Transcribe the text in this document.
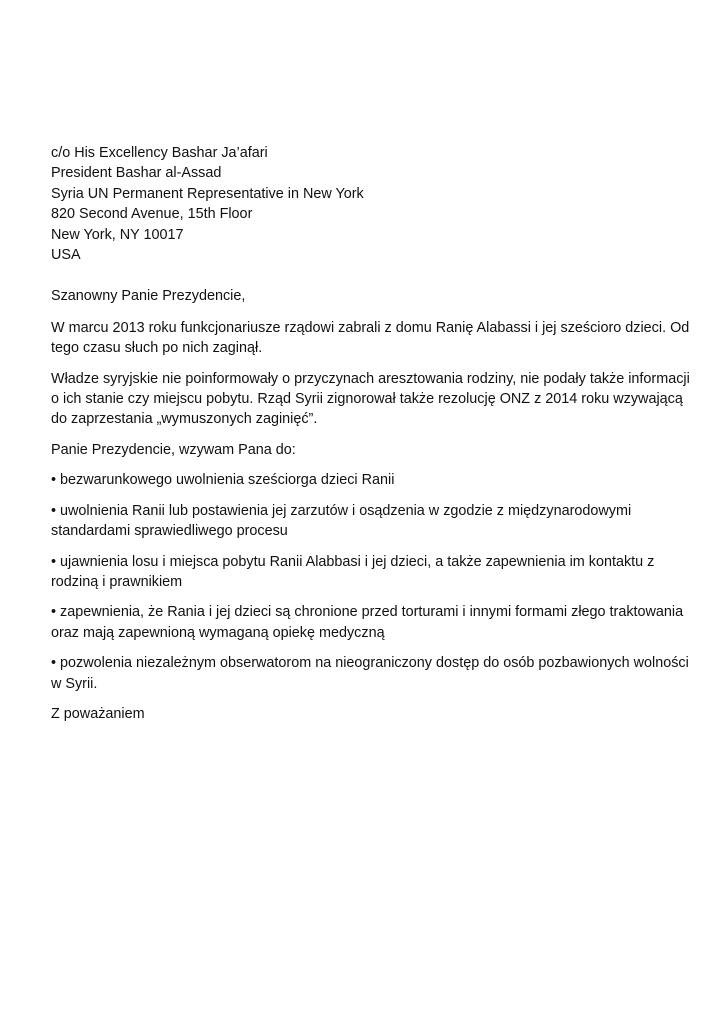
c/o His Excellency Bashar Ja’afari
President Bashar al-Assad
Syria UN Permanent Representative in New York
820 Second Avenue, 15th Floor
New York, NY 10017
USA

Szanowny Panie Prezydencie,

W marcu 2013 roku funkcjonariusze rządowi zabrali z domu Ranię Alabassi i jej sześcioro dzieci. Od tego czasu słuch po nich zaginął.

Władze syryjskie nie poinformowały o przyczynach aresztowania rodziny, nie podały także informacji o ich stanie czy miejscu pobytu. Rząd Syrii zignorował także rezolucję ONZ z 2014 roku wzywającą do zaprzestania „wymuszonych zaginięć”.

Panie Prezydencie, wzywam Pana do:

• bezwarunkowego uwolnienia sześciorga dzieci Ranii
• uwolnienia Ranii lub postawienia jej zarzutów i osądzenia w zgodzie z międzynarodowymi standardami sprawiedliwego procesu
• ujawnienia losu i miejsca pobytu Ranii Alabbasi i jej dzieci, a także zapewnienia im kontaktu z rodziną i prawnikiem
• zapewnienia, że Rania i jej dzieci są chronione przed torturami i innymi formami złego traktowania oraz mają zapewnioną wymaganą opiekę medyczną
• pozwolenia niezależnym obserwatorom na nieograniczony dostęp do osób pozbawionych wolności w Syrii.

Z poważaniem
